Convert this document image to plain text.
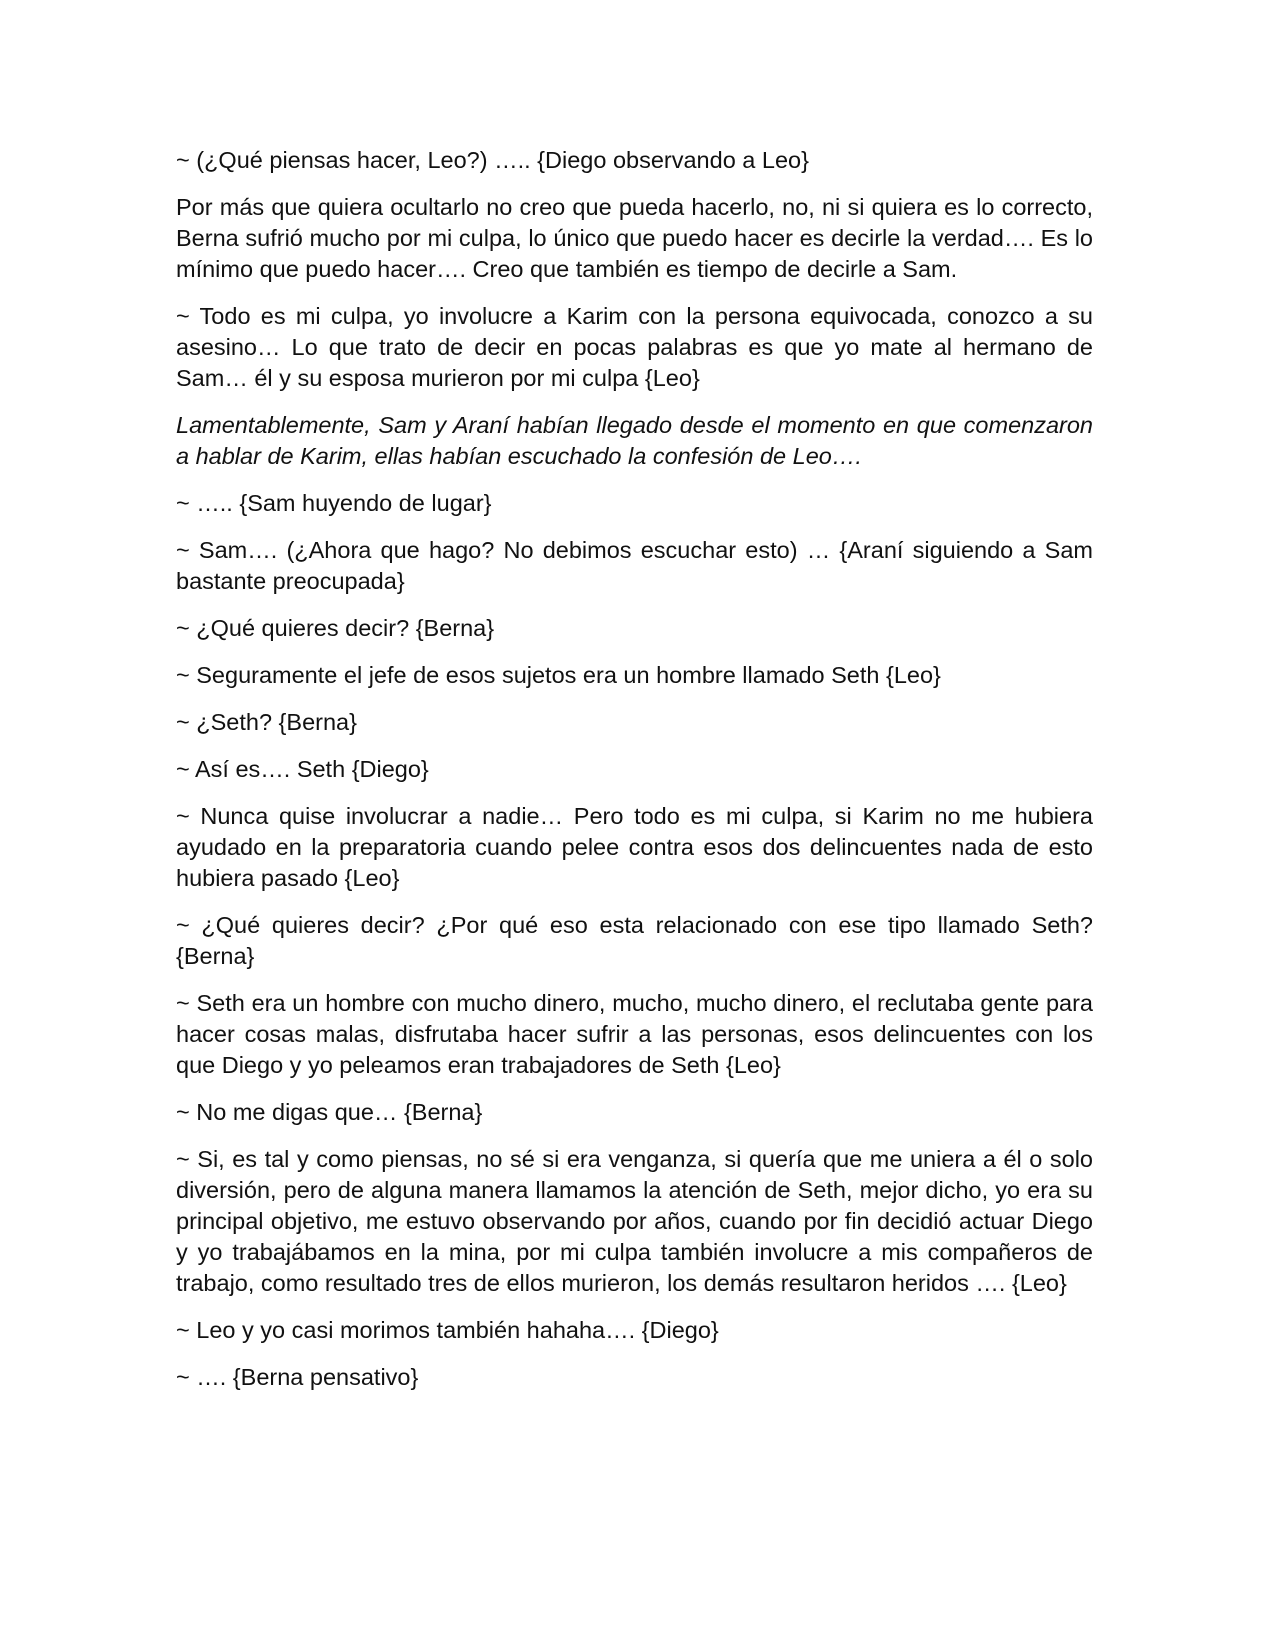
~ (¿Qué piensas hacer, Leo?) ….. {Diego observando a Leo}

Por más que quiera ocultarlo no creo que pueda hacerlo, no, ni si quiera es lo correcto, Berna sufrió mucho por mi culpa, lo único que puedo hacer es decirle la verdad…. Es lo mínimo que puedo hacer…. Creo que también es tiempo de decirle a Sam.

~ Todo es mi culpa, yo involucre a Karim con la persona equivocada, conozco a su asesino… Lo que trato de decir en pocas palabras es que yo mate al hermano de Sam… él y su esposa murieron por mi culpa {Leo}

Lamentablemente, Sam y Araní habían llegado desde el momento en que comenzaron a hablar de Karim, ellas habían escuchado la confesión de Leo….

~ ….. {Sam huyendo de lugar}

~ Sam…. (¿Ahora que hago? No debimos escuchar esto) … {Araní siguiendo a Sam bastante preocupada}

~ ¿Qué quieres decir? {Berna}

~ Seguramente el jefe de esos sujetos era un hombre llamado Seth {Leo}

~ ¿Seth? {Berna}

~ Así es…. Seth {Diego}

~ Nunca quise involucrar a nadie… Pero todo es mi culpa, si Karim no me hubiera ayudado en la preparatoria cuando pelee contra esos dos delincuentes nada de esto hubiera pasado {Leo}

~ ¿Qué quieres decir? ¿Por qué eso esta relacionado con ese tipo llamado Seth? {Berna}

~ Seth era un hombre con mucho dinero, mucho, mucho dinero, el reclutaba gente para hacer cosas malas, disfrutaba hacer sufrir a las personas, esos delincuentes con los que Diego y yo peleamos eran trabajadores de Seth {Leo}

~ No me digas que… {Berna}

~ Si, es tal y como piensas, no sé si era venganza, si quería que me uniera a él o solo diversión, pero de alguna manera llamamos la atención de Seth, mejor dicho, yo era su principal objetivo, me estuvo observando por años, cuando por fin decidió actuar Diego y yo trabajábamos en la mina, por mi culpa también involucre a mis compañeros de trabajo, como resultado tres de ellos murieron, los demás resultaron heridos …. {Leo}

~ Leo y yo casi morimos también hahaha…. {Diego}

~ …. {Berna pensativo}
